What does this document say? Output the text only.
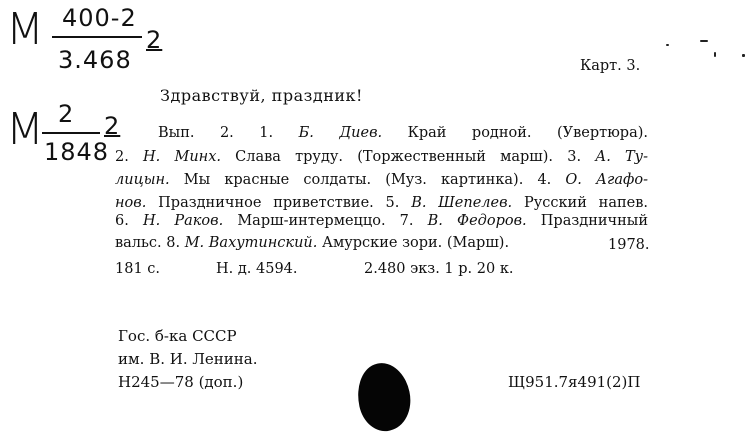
М 400-2
3.468
2
М 2
1848
2
Карт. 3.
Здравствуй, праздник!
Вып. 2. 1. Б. Диев. Край родной. (Увертюра).
2. Н. Минх. Слава труду. (Торжественный марш). 3. А. Ту-
лицын. Мы красные солдаты. (Муз. картинка). 4. О. Агафо-
нов. Праздничное приветствие. 5. В. Шепелев. Русский напев.
6. Н. Раков. Марш-интермеццо. 7. В. Федоров. Праздничный
вальс. 8. М. Вахутинский. Амурские зори. (Марш).	1978.
181 с.	Н. д. 4594.	2.480 экз. 1 р. 20 к.
Гос. б-ка СССР
им. В. И. Ленина.
Н245—78 (доп.)	Щ951.7я491(2)П
